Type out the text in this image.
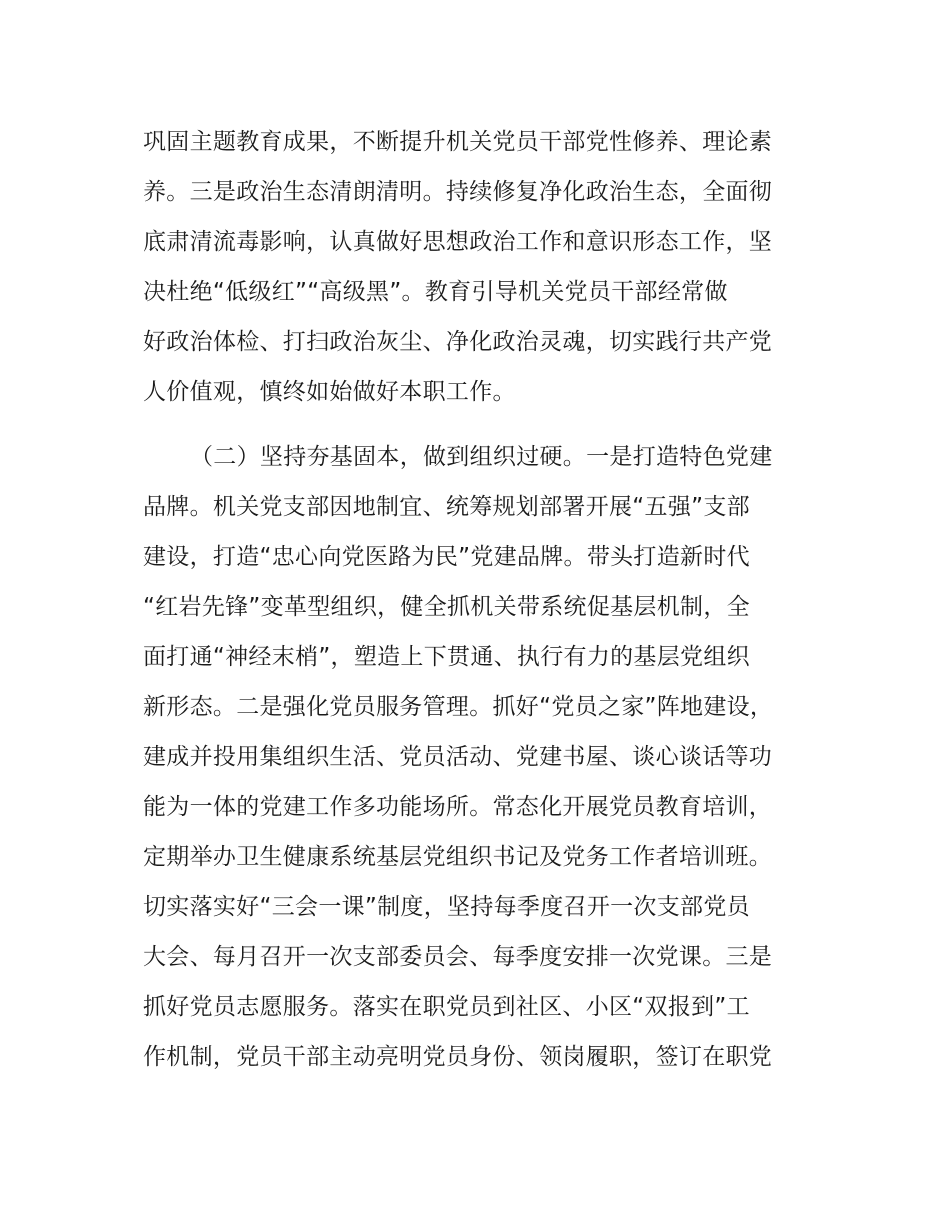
巩固主题教育成果，不断提升机关党员干部党性修养、理论素
养。三是政治生态清朗清明。持续修复净化政治生态，全面彻
底肃清流毒影响，认真做好思想政治工作和意识形态工作，坚
决杜绝“低级红”“高级黑”。教育引导机关党员干部经常做
好政治体检、打扫政治灰尘、净化政治灵魂，切实践行共产党
人价值观，慎终如始做好本职工作。
（二）坚持夯基固本，做到组织过硬。一是打造特色党建
品牌。机关党支部因地制宜、统筹规划部署开展“五强”支部
建设，打造“忠心向党医路为民”党建品牌。带头打造新时代
“红岩先锋”变革型组织，健全抓机关带系统促基层机制，全
面打通“神经末梢”，塑造上下贯通、执行有力的基层党组织
新形态。二是强化党员服务管理。抓好“党员之家”阵地建设，
建成并投用集组织生活、党员活动、党建书屋、谈心谈话等功
能为一体的党建工作多功能场所。常态化开展党员教育培训，
定期举办卫生健康系统基层党组织书记及党务工作者培训班。
切实落实好“三会一课”制度，坚持每季度召开一次支部党员
大会、每月召开一次支部委员会、每季度安排一次党课。三是
抓好党员志愿服务。落实在职党员到社区、小区“双报到”工
作机制，党员干部主动亮明党员身份、领岗履职，签订在职党
